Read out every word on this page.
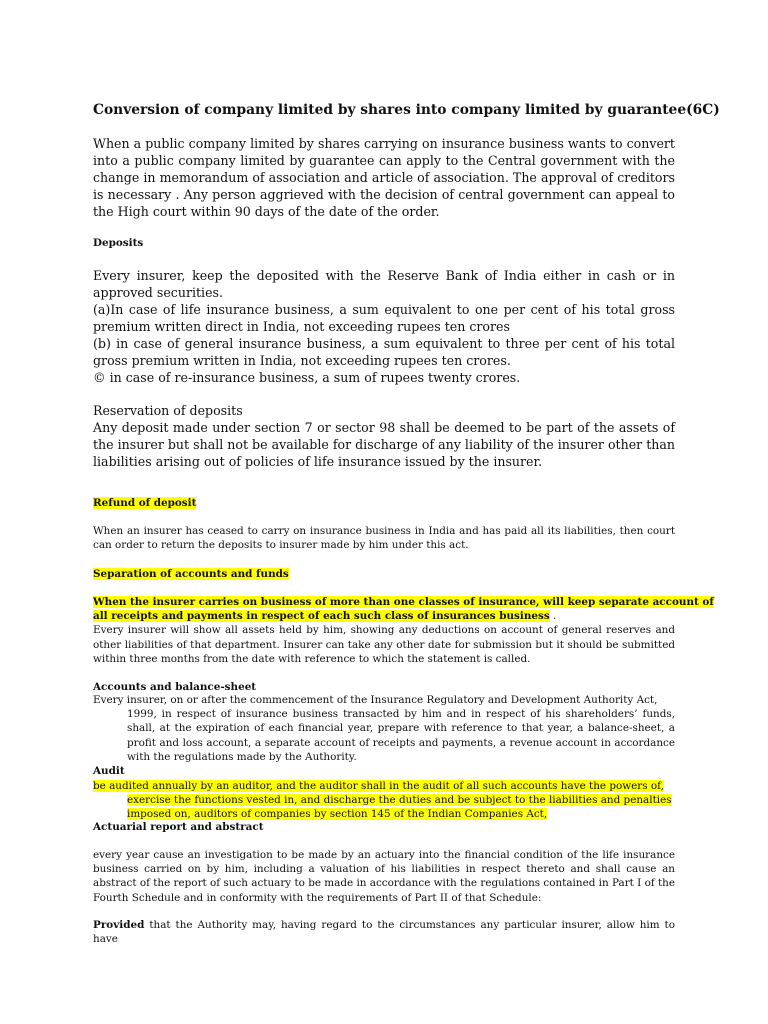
Conversion of company limited by shares into company limited by guarantee(6C)

When a public company limited by shares carrying on insurance business wants to convert into a public company limited by guarantee can apply to the Central government with the change in memorandum of association and article of association. The approval of creditors is necessary . Any person aggrieved with the decision of central government can appeal to the High court within 90 days of the date of the order.

Deposits

Every insurer, keep the deposited with the Reserve Bank of India either in cash or in approved securities.
(a)In case of life insurance business, a sum equivalent to one per cent of his total gross premium written direct in India, not exceeding rupees ten crores
(b) in case of general insurance business, a sum equivalent to three per cent of his total gross premium written in India, not exceeding rupees ten crores.
© in case of re-insurance business, a sum of rupees twenty crores.
Reservation of deposits
Any deposit made under section 7 or sector 98 shall be deemed to be part of the assets of the insurer but shall not be available for discharge of any liability of the insurer other than liabilities arising out of policies of life insurance issued by the insurer.

Refund of deposit

When an insurer has ceased to carry on insurance business in India and has paid all its liabilities, then court can order to return the deposits to insurer made by him under this act.

Separation of accounts and funds

When the insurer carries on business of more than one classes of insurance, will keep separate account of
all receipts and payments in respect of each such class of insurances business .
Every insurer will show all assets held by him, showing any deductions on account of general reserves and other liabilities of that department. Insurer can take any other date for submission but it should be submitted within three months from the date with reference to which the statement is called.

Accounts and balance-sheet

Every insurer, on or after the commencement of the Insurance Regulatory and Development Authority Act,
1999, in respect of insurance business transacted by him and in respect of his shareholders’ funds, shall, at the expiration of each financial year, prepare with reference to that year, a balance-sheet, a profit and loss account, a separate account of receipts and payments, a revenue account in accordance with the regulations made by the Authority.

Audit

be audited annually by an auditor, and the auditor shall in the audit of all such accounts have the powers of,
exercise the functions vested in, and discharge the duties and be subject to the liabilities and penalties
imposed on, auditors of companies by section 145 of the Indian Companies Act,

Actuarial report and abstract

every year cause an investigation to be made by an actuary into the financial condition of the life insurance business carried on by him, including a valuation of his liabilities in respect thereto and shall cause an abstract of the report of such actuary to be made in accordance with the regulations contained in Part I of the Fourth Schedule and in conformity with the requirements of Part II of that Schedule:

Provided that the Authority may, having regard to the circumstances any particular insurer, allow him to have
